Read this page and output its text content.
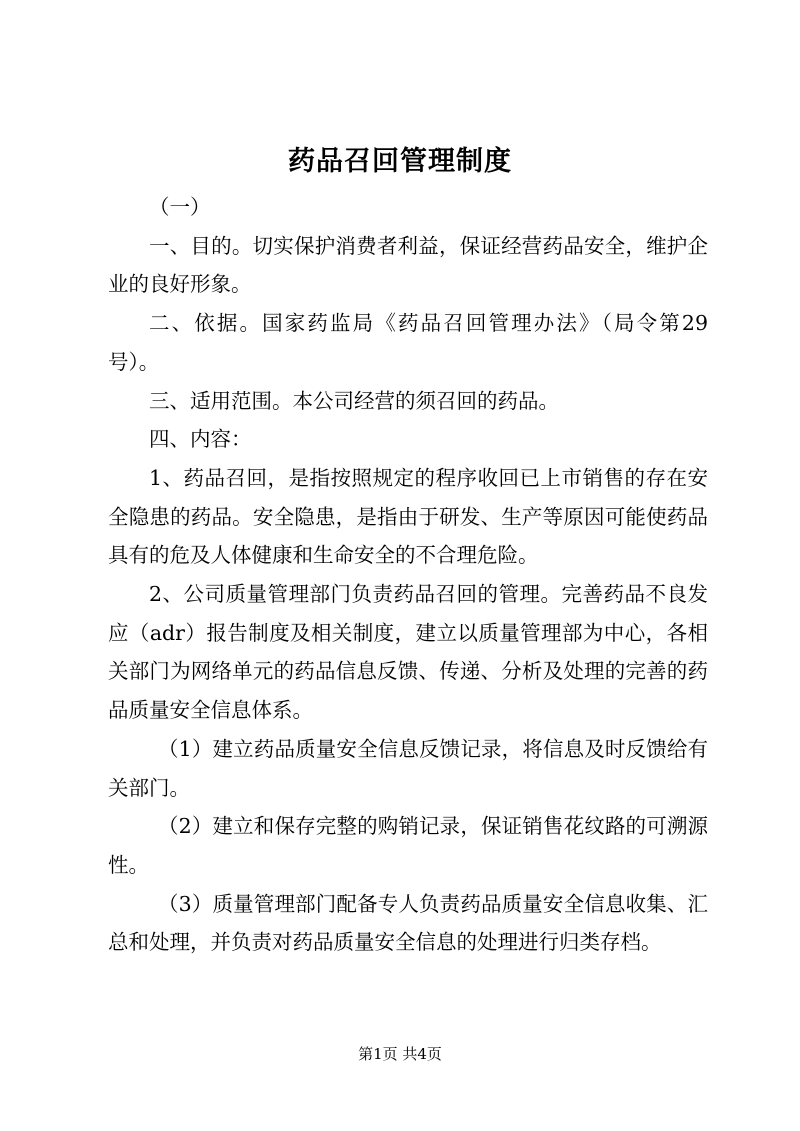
药品召回管理制度

（一）

一、目的。切实保护消费者利益，保证经营药品安全，维护企业的良好形象。

二、依据。国家药监局《药品召回管理办法》（局令第29号）。

三、适用范围。本公司经营的须召回的药品。

四、内容：

1、药品召回，是指按照规定的程序收回已上市销售的存在安全隐患的药品。安全隐患，是指由于研发、生产等原因可能使药品具有的危及人体健康和生命安全的不合理危险。

2、公司质量管理部门负责药品召回的管理。完善药品不良发应（adr）报告制度及相关制度，建立以质量管理部为中心，各相关部门为网络单元的药品信息反馈、传递、分析及处理的完善的药品质量安全信息体系。

（1）建立药品质量安全信息反馈记录，将信息及时反馈给有关部门。

（2）建立和保存完整的购销记录，保证销售花纹路的可溯源性。

（3）质量管理部门配备专人负责药品质量安全信息收集、汇总和处理，并负责对药品质量安全信息的处理进行归类存档。

第1页 共4页
